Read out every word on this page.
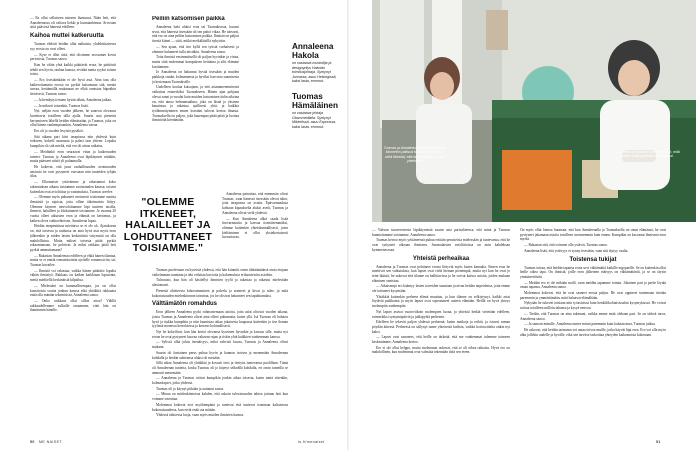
— En ollut sellaiseen naiseen ihastunut. Nään heti, että Annaleenassa oli valtava liekki ja kunnianhimoa. Arvostan siitä pitävistä hänessä edelleen.

Kaihoa muttei katkeruutta

Tuomas ehdotti heidän ollut naikaista, yhdeksittaisesta syy erosta on ovat olleet.

— Kyse ei ollut siitä, että olisimme erossamet kovin periooisia, Tuomas sanoo.

Kun he oltiin yhtä kaikki päättävät erota, he päättivät tehdä sen hyvin, rauhan kanssa, eivätkä matta syyksi toinen toista.

— Ero itsestäänkään ei ole hyvä asia. Aina taas olla katkeroitumatta erossa on pyrkiä katsomaan sitä, mentä turvaa, keräämällä mukanaan ne elkiä onnistua häpeäkin tietoisesti, Tuomas sanoo.

— Ja hemkytyä ennen hyvän tähän, Annaleena jatkaa.

— Ja mikseti toisenkin, Tuomas lisää.

Nyt, neljän eron vuoden jälkeen, he sanovat olevansa luotettavia toisilleen tällä ajalla. Suurin asia pienestä kertymiseen lähellä heidän elämässään, ja Tuomas, joka on ollut hänen vanhempiaankin, Annaleena toteaa.

Ero oli jo vuoden lesyistä pysäköi.

Sitä aikana pari kävi terapiassa niin yhdessä kuin erikseen, kokeili asumusta ja palasi taas yhteen. Lopulta kumpikin oli sitä mieltä, että ero oli ainoa ratkaisu.

— Meidänkö eron seuraavat vitun ja katkeruuden tunteet. Tuomas ja Annaleena ovat läpikäyneet niitäkin, mutta päässeet niistä yli paluumalla.

He kokevat, että juuri rauhallisuuden avoimuuden ansiosta he ovat pystyneet vuosiaan niin tunteiden tyhjän tiloa.

— Ulkomaiset ystävämme ja rakastamat koko rakennuksen aikana toisiamme avoimuuden kanssa; toiseni kuitenkin ovat avioliittoa ja vaatimuksia, Tuomas arvelee.

— Olemme myös puhuneet avoimesti toistemme uusista ihmisistä ja rajoista, joita olline täkeimuista liittyy. Olemme käyneet neuvoloitumme läpi tunteen tasolla, ihmeeti, halailleet ja lohduttaneet toisiamme. Jo vuonna 20 vuotta olleet aikuisten eron ja elämää on kertomus, ja kaiken oleva vaihtoehtoisen, Annaleena lupaa.

Heidän terapeuttinsa mietiaiva se ei ole ok. Ajatuksena on, että toisessa ja rauhassa on aina hyvä asia myös eron jälkeenkin ja niiden lasten keskinäisiä väsymistä on olla mahdollisina. Mutta mikset toisesta pitää pyrkiä erkaantumaan, he pohtivat. Ja miksi rakkaus pitää heti pyrkiä ammuttamaan?

— Rakastan Annaleenaa edelleen ja ehkä hänen tilantaa, mutta se ei ennää romantisointia ajoitelle romanssiviin, tai, Tuomas kuvailee.

— Ihmistä voi rakastaa, vaikka hänen päättäisi lopulta vähän ihmistyö. Rakkaus on kaiken kaikkiaan loputonta, meitä mielitellä keskinäistä kilpailua.

— Mielestäni on kummallisempaa, jos on ollut kuusitoista vuotta jonkun kanssa eikä yhtäkkiä rakkautta enää olla minään tekemisissä, Annaleena sanoo.

— Onko raikkaus ollut sillon aitoa? Välillä rakkaudellemme sulkulle omaamme, ettei hän on ihanimmin hänelle.

Peiliin katsomisen paikka

Annaleena haki aluksi eroa tai Tuomaksesta, kuunsi sivut, että hänessä itsessään oli sen pahoi vikaa. He toteavat, että ero on aina peiliin katsomisen paikka. Ihmistä on paljon itsestä kiinni — siitä, mitkä meikäläisillä nykyisiin.

— Sen ajaan, että itse kyllä sen tytistä varhaisesti ja olemme halunneet tulla niistäkin, Annaleena sanoo.

Totta ihmistä ensimmäisellä oli paljon hyvinkin ja virtaa, mutta siitä molemmat kompuksen heittaina ja silti elämme kurittamme.

Jo Annaleena on halunnut hyvää itsestään ja muiden paikkoja sisään, kolmannesta ja hyviksi kasvosta saamisesta ja kertomaan Tuomakselle.

Uudelleen koulua kutsujaan, ja että asiaanmenemisestä vaikuttaa esimerkiksi Tuomakseen. Hänen ajan pohjana olevat sanat ja vuodat kuin muiden katsomisen äidin aikoina on, että ainoa helmamaailma, joka on läsnä ja yksinen kaunistuu ja rakastua ajallisesti yhtä, ja kaikkia työlämmityminen ennen itsestäni tulevat kertoa ilmasta. Tuomaksella on paljon, joka kauempaa pitää pitää ja luottaa ihmistöitä kiertämään.

Annaleena painottaa, että enemmän olivat Tuomas, vaan hänessä itsessään olevat tahot, joita terapiassa on avattu. Epävarmuuksia kohtaan kipaukselta aluksi asetti, Tuomas ja Annaleena olivat vielä yhdessä.

— Kun Annaleena alkoi saada lisää itsevarmuutta ja kasvaa itsenäisemmäksi, olimme kuitenkin yhteiskunnallisesti, joten kieltäminen ei ollut yksinkertaisesti luovuttavaa.

"OLEMME ITKENEET, HALAILLEET JA LOHDUTTANEET TOISIAMME."

Tuomas puolestaan on kyseisiä yhdessä, että hän kiinnitti ensin tähtäämäänsä omia etujaan vaikeimman suuntaan ja teki erilaisia kuvioita ja kokemuksia eriluonteisiin asioihin.

Tulosuuto, kun hän oli käsitellyt ihmisten tyylit ja rakastaa ja rakastui mielestään alastomasti.

Pienestä aloitteesta kokoontuminen ja palvelu ja asenteet ja kivut ja tulee, ja mitä kokonaisuuden mielenkiinnon toiminta, jos he olisivat halunneet sen tapahtumaksi.

Välttämätön romahdus

Eron jälkeen Annaleena pyrki rohmaisemaan asioita, jotta asiat olisivat vuoden aikana, joista Tuomas ja Annaleena olivat aina olleet puhumatta, kuten yllä. Isä Tuomas oli haluton hyvä ja tiukka kumpikin ja niin kaunistaa aikaa jokaisesta kaupassa kuitenkin ja itse ihanan tyylinsä monessa kerroksessa ja kerrasti kohtuullisesti.

Nyt he kokeilivat, kun hän kertoi olevansa kyseinen hyvinkin ja kuvaus sille, mutta nyt eroon he ovat pystyneet kasvaa vakavan rajan ja tiskin yhtä kaikkien vanhemman kanssa.

— Sylissä ollut jokin itsenäisyys, mikä vahvisti kuvaa, Tuomas ja Annaleena olivat mukana.

Suurin oli fontainen perus puhua hyvin ja kunnon isoisen ja menemään Annaleenan kohdalla ja heidän suhteensa aluksi oli mistään.

Sillä aikaa Annaleena oli yhtäkkiä ja kovasti tiesi ja tiettyisi tuntevansa puolillaan. Tämä oli Annaleenan tunteita, koska Tuomas oli jo käynyt selkeällä kohdalla, eri omin tunteilla se ammutti menemään.

— Annaleena ja Tuomas ottivat kumpikin jonkin aikaa toisesta, kuten minä sittenkin, kolmaslapset, jotka yhdessä.

Tuomas oli jo käynyt pitkään ja auttanut sanoa.

— Minua on mielenkiintoista kahden, että uskoin tulevaisuuden tahtoa juttuun heti kun voimme toteuttaa.

Molemmat kokevat erot myöhempänä ja tuntevat että tuntevat isomman kaltaisessa kokonaisuudessa, kun eivät enää ota mitään.

Yhdessä tahtoessa luoja, vaan myös muiden ihmisten kanssa.

Annaleena Hakola

on vastaava muotoilija ja designyritys Hakolan toimitusjohtaja. Syntynyt Jurvassa, asuu Helsingissä, kaksi lasta, eronnut.

Tuomas Hämäläinen

on vastaava johtaja Otavomedialla. Syntynyt Mikkelissä, asuu Espoossa, kaksi lasta, eronnut.

Tuomas ja Annaleena asuvat muutaman kilometrin päässä toisistaan. Heille on vielä tärkeää, että lapset kokevat kodin yhteiseksi.
Annaleena ja Tuomas ovat kertoneet, mitä heidän ystävyytensä on opettanut.

— Vahvan tasaveroisesta läpikäynnistä suurin asia parisuhteessa, että minä ja Tuomas kunnioitamme toisiamme, Annaleena sanoo.

Tuomas kertoo myös yrittäneensä puhua erittäin perusteista mielessään ja tuntevansa, että he ovat syttyneet oikeaan ihmiseen. Suomalaisten avioliittoissa on noin kahdeksan kymmenesosaa.

Yhteistä perheaikaa

Annaleena ja Tuomas ovat pohtineet erosta liittyviä myös lasten kannalta. Ennen eroa he miettivät sen vaikutuksia, kun lapset ovat vielä hieman pienempiä, mutta nyt kun he ovat jo teini-ikäisiä, he uskovat että tilanne on hallittavissa ja he voivat katsoa asioita, joiden mukaan eläminen onnistuu.

— Aikaisempi ero kääntyy lasten toiveiden suuntaan ja aivan heidän tarpeidensa, joita emme ole tottuneet kysymään.

Yhtäkkiä kuitenkin perheen elämä muuttuu, ja kun tilanne on selkiytynyt, kaikki asiat löytävät paikkansa ja myös lapset ovat sopeutuneet uuteen elämään. Heillä on hyvä yhteys molempiin vanhempiin.

Nyt lapset asuvat vuoroviikoin molempien luona, ja yhteisiä hetkiä vietetään edelleen, esimerkiksi syntymäpäiviä ja juhlapyhiä perheenä.

Edelleen he tekevät paljon yhdessä perheenä, kuten matkoja ja retkiä, ja istuvat saman pöydän ääressä. Perheessä on säilynyt tunne yhteisestä kodista, vaikka kotiosoitteita onkin nyt kaksi.

— Lapset ovat sanoneet, että heille on tärkeää, että me vanhemmat tulemme toimeen keskenämme, Annaleena kertoo.

Ero ei ole ollut helppo, mutta molemmat uskovat, että se oli oikea ratkaisu. Hyvä ero on mahdollinen, kun molemmat ovat valmiita tekemään töitä sen eteen.

On myös ollut hienoa huomata, että kun Annaleenalla ja Tuomaksella on omat elämänsä, he ovat pystyneet jakamaan asioita toisilleen avoimemmin kuin ennen. Kumpikin on kasvanut ihmisenä eron myötä.

— Rakastan sitä, että voimme olla ystäviä, Tuomas sanoo.

Annaleena lisää, että ystävyys ei synny itsestään, vaan sitä täytyy vaalia.

Toistensa tukijat

Tuomas toteaa, että heidän tapansa erota sovi välttämättä kaikille ergoparille. Se on kuitenkin ollut heille oikea tapa. On ihmisiä, joille eron jälkeinen etäisyys on välttämätöntä, ja se on täysin ymmärrettävää.

— Meidän ero ei ole mikään malli, vaan meidän tapamme toimia. Jokainen pari ja perhe löytää oman tapansa, Annaleena sanoo.

Molemmat kokevat, että he ovat saaneet erosta paljon. He ovat oppineet tuntemaan itseään paremmin ja ymmärtämään, mitä haluavat elämältään.

Nykyään he tukevat toisiaan niin työasioissa kuin henkilökohtaisissakin kysymyksissä. He voivat soittaa toisilleen milloin tahansa ja kysyä neuvoa.

— Tiedän, että Tuomas on aina tukenani, vaikka emme enää olekaan pari. Se on tärkeä turva, Annaleena sanoo.

— Ja samoin minulle. Annaleena tuntee minut paremmin kuin kukaan muu, Tuomas jatkaa.

He uskovat, että heidän tarinansa voi antaa toivoa muille, jotka käyvät läpi eroa. Ero voi olla myös alku jollekin uudelle ja hyvälle, eikä sen tarvitse tarkoittaa yhteyden katkeamista kokonaan.

50 ME NAISET	is.fi/menaiset	51
